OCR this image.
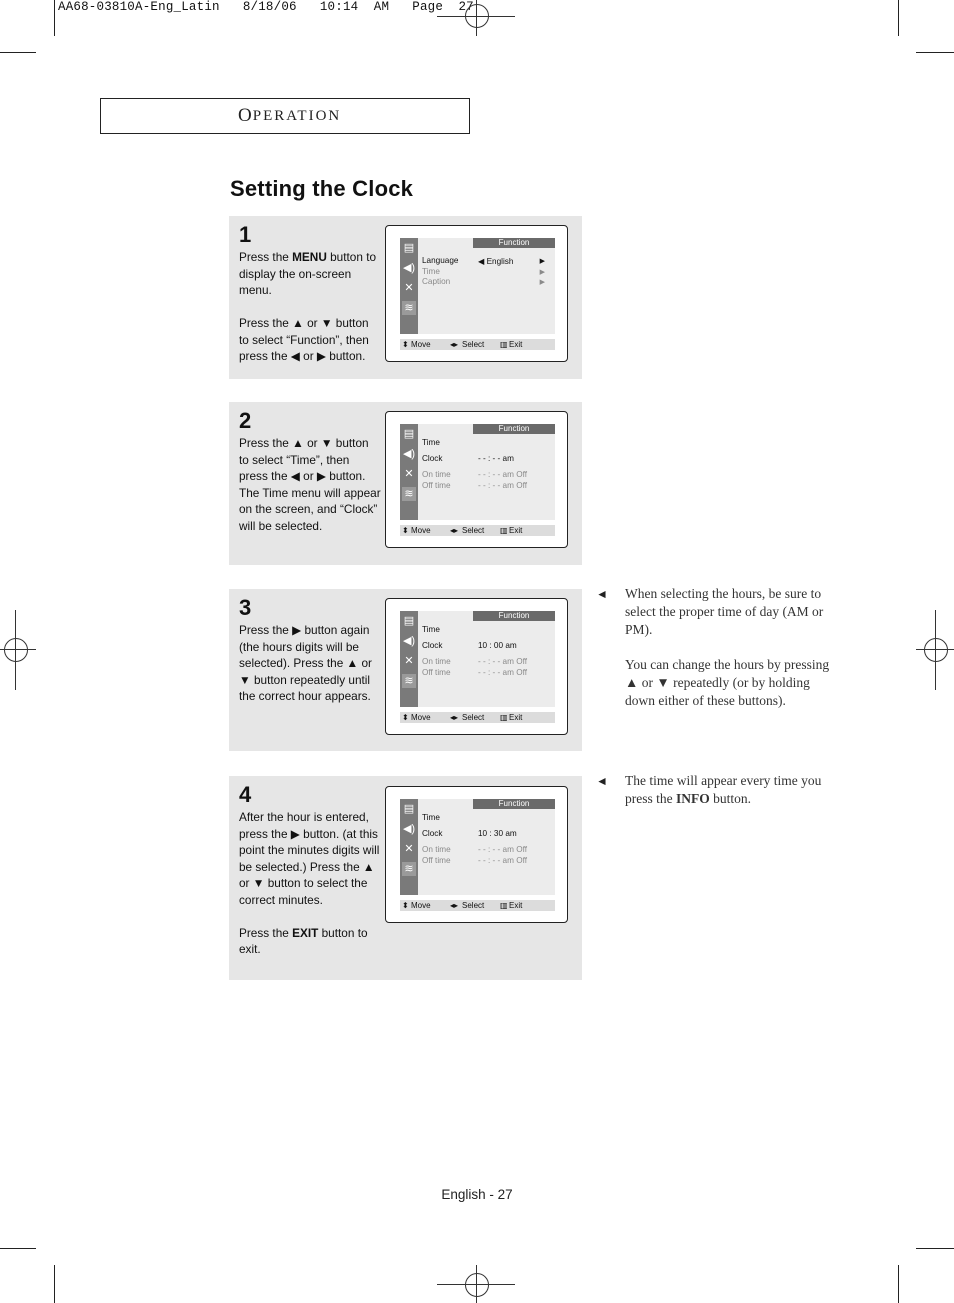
AA68-03810A-Eng_Latin   8/18/06   10:14  AM   Page  27
O PERATION
Setting the Clock
1

Press the MENU button to display the on-screen menu.

Press the ▲ or ▼ button to select “Function”, then press the ◀ or ▶ button.

▤
◀)
✕
≋
Function
Language ◀ English	▶
Time	▶
Caption	▶
⬍ Move ◂▸ Select ▥ Exit
2

Press the ▲ or ▼ button to select “Time”, then press the ◀ or ▶ button. The Time menu will appear on the screen, and “Clock” will be selected.

▤
◀)
✕
≋
Function
Time
Clock	- - : - - am
On time	- - : - - am Off
Off time	- - : - - am Off
⬍ Move ◂▸ Select ▥ Exit
3

Press the ▶ button again (the hours digits will be selected). Press the ▲ or ▼ button repeatedly until the correct hour appears.

▤
◀)
✕
≋
Function
Time
Clock	10 : 00 am
On time	- - : - - am Off
Off time	- - : - - am Off
⬍ Move ◂▸ Select ▥ Exit
4

After the hour is entered, press the ▶ button. (at this point the minutes digits will be selected.) Press the ▲ or ▼ button to select the correct minutes.

Press the EXIT button to exit.

▤
◀)
✕
≋
Function
Time
Clock	10 : 30 am
On time	- - : - - am Off
Off time	- - : - - am Off
⬍ Move ◂▸ Select ▥ Exit
◄ When selecting the hours, be sure to select the proper time of day (AM or PM).

You can change the hours by pressing ▲ or ▼ repeatedly (or by holding down either of these buttons).

◄ The time will appear every time you press the INFO button.

English - 27
